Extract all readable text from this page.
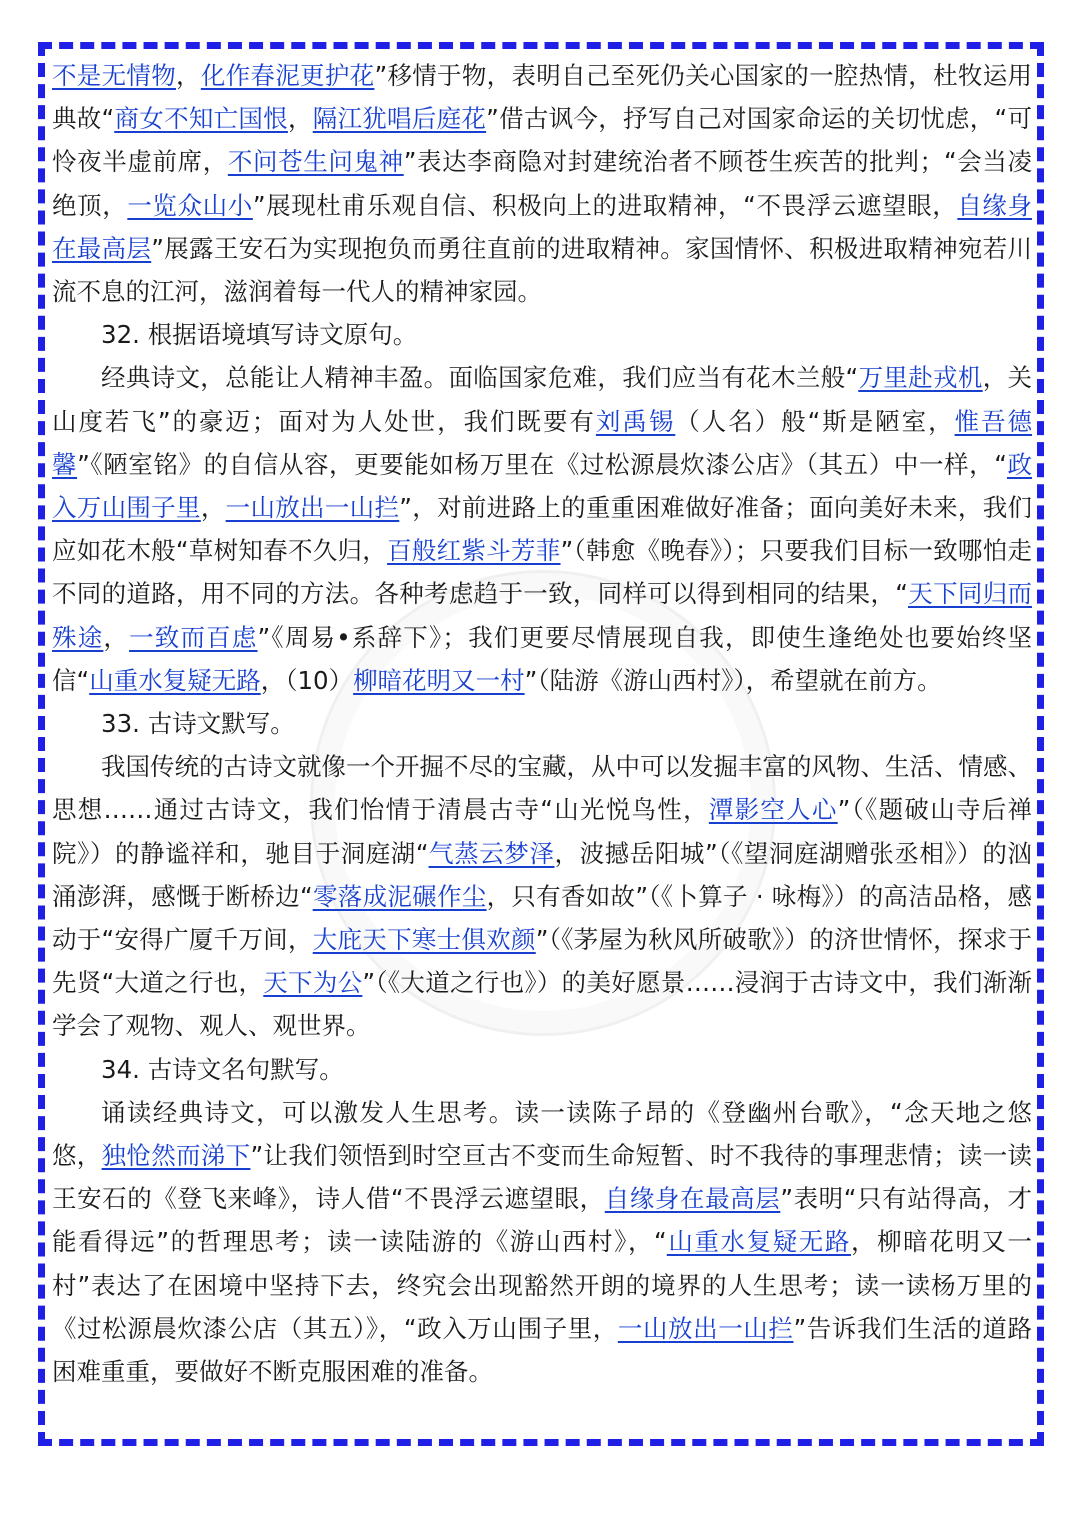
不是无情物，化作春泥更护花”移情于物，表明自己至死仍关心国家的一腔热情，杜牧运用典故“商女不知亡国恨，隔江犹唱后庭花”借古讽今，抒写自己对国家命运的关切忧虑，“可怜夜半虚前席，不问苍生问鬼神”表达李商隐对封建统治者不顾苍生疾苦的批判；“会当凌绝顶，一览众山小”展现杜甫乐观自信、积极向上的进取精神，“不畏浮云遮望眼，自缘身在最高层”展露王安石为实现抱负而勇往直前的进取精神。家国情怀、积极进取精神宛若川流不息的江河，滋润着每一代人的精神家园。

32. 根据语境填写诗文原句。

经典诗文，总能让人精神丰盈。面临国家危难，我们应当有花木兰般“万里赴戎机，关山度若飞”的豪迈；面对为人处世，我们既要有刘禹锡（人名）般“斯是陋室，惟吾德馨”《陋室铭》的自信从容，更要能如杨万里在《过松源晨炊漆公店》（其五）中一样，“政入万山围子里，一山放出一山拦”，对前进路上的重重困难做好准备；面向美好未来，我们应如花木般“草树知春不久归，百般红紫斗芳菲”（韩愈《晚春》）；只要我们目标一致哪怕走不同的道路，用不同的方法。各种考虑趋于一致，同样可以得到相同的结果，“天下同归而殊途，一致而百虑”《周易•系辞下》；我们更要尽情展现自我，即使生逢绝处也要始终坚信“山重水复疑无路，（10）柳暗花明又一村”（陆游《游山西村》），希望就在前方。

33. 古诗文默写。

我国传统的古诗文就像一个开掘不尽的宝藏，从中可以发掘丰富的风物、生活、情感、思想……通过古诗文，我们怡情于清晨古寺“山光悦鸟性，潭影空人心”（《题破山寺后禅院》）的静谧祥和，驰目于洞庭湖“气蒸云梦泽，波撼岳阳城”（《望洞庭湖赠张丞相》）的汹涌澎湃，感慨于断桥边“零落成泥碾作尘，只有香如故”（《卜算子 · 咏梅》）的高洁品格，感动于“安得广厦千万间，大庇天下寒士俱欢颜”（《茅屋为秋风所破歌》）的济世情怀，探求于先贤“大道之行也，天下为公”（《大道之行也》）的美好愿景……浸润于古诗文中，我们渐渐学会了观物、观人、观世界。

34. 古诗文名句默写。

诵读经典诗文，可以激发人生思考。读一读陈子昂的《登幽州台歌》，“念天地之悠悠，独怆然而涕下”让我们领悟到时空亘古不变而生命短暂、时不我待的事理悲情；读一读王安石的《登飞来峰》，诗人借“不畏浮云遮望眼，自缘身在最高层”表明“只有站得高，才能看得远”的哲理思考；读一读陆游的《游山西村》，“山重水复疑无路，柳暗花明又一村”表达了在困境中坚持下去，终究会出现豁然开朗的境界的人生思考；读一读杨万里的《过松源晨炊漆公店（其五）》，“政入万山围子里，一山放出一山拦”告诉我们生活的道路困难重重，要做好不断克服困难的准备。
